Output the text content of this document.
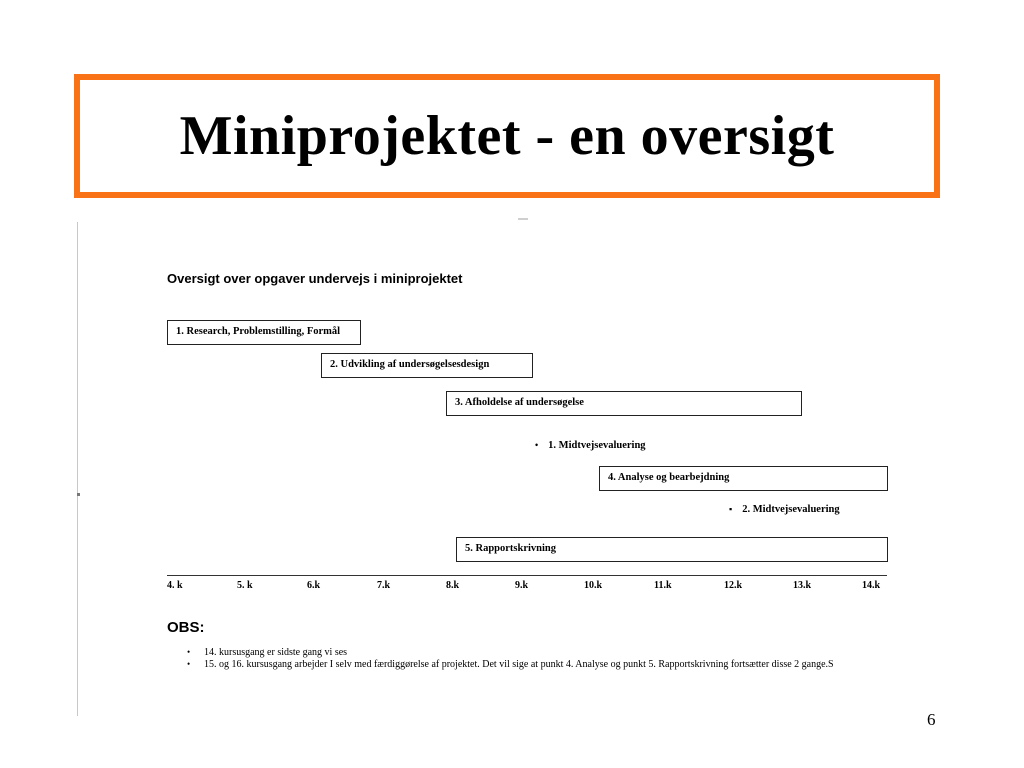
Miniprojektet - en oversigt
Oversigt over opgaver undervejs i miniprojektet
1. Research, Problemstilling, Formål
2. Udvikling af undersøgelsesdesign
3. Afholdelse af undersøgelse
• 1. Midtvejsevaluering
4. Analyse og bearbejdning
▪ 2. Midtvejsevaluering
5. Rapportskrivning
4. k	5. k	6.k	7.k	8.k	9.k	10.k	11.k	12.k	13.k	14.k
OBS:
• 14. kursusgang er sidste gang vi ses
• 15. og 16. kursusgang arbejder I selv med færdiggørelse af projektet. Det vil sige at punkt 4. Analyse og punkt 5. Rapportskrivning fortsætter disse 2 gange.S
6
